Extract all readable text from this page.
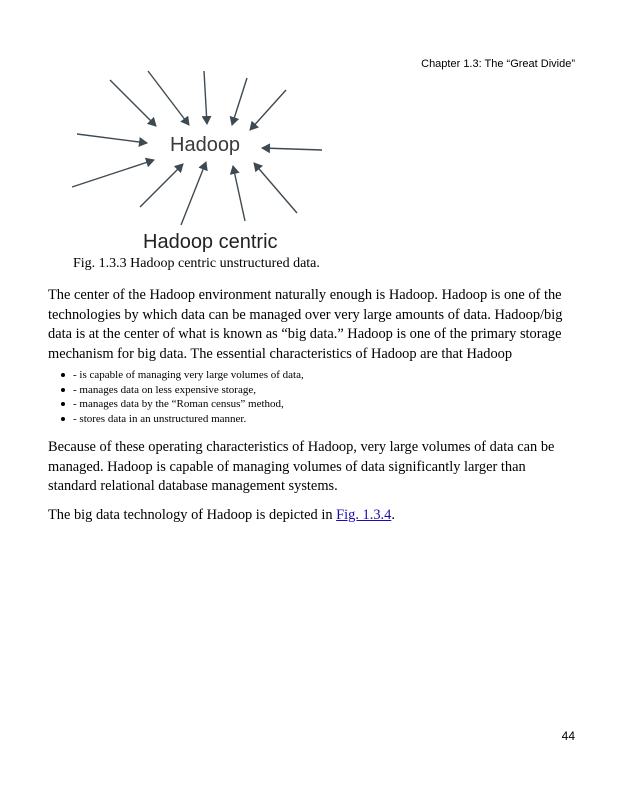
Chapter 1.3: The “Great Divide”
Hadoop
Hadoop centric
Fig. 1.3.3 Hadoop centric unstructured data.

The center of the Hadoop environment naturally enough is Hadoop. Hadoop is one of the technologies by which data can be managed over very large amounts of data. Hadoop/big data is at the center of what is known as “big data.” Hadoop is one of the primary storage mechanism for big data. The essential characteristics of Hadoop are that Hadoop

- is capable of managing very large volumes of data,
- manages data on less expensive storage,
- manages data by the “Roman census” method,
- stores data in an unstructured manner.

Because of these operating characteristics of Hadoop, very large volumes of data can be managed. Hadoop is capable of managing volumes of data significantly larger than standard relational database management systems.

The big data technology of Hadoop is depicted in Fig. 1.3.4.

44
